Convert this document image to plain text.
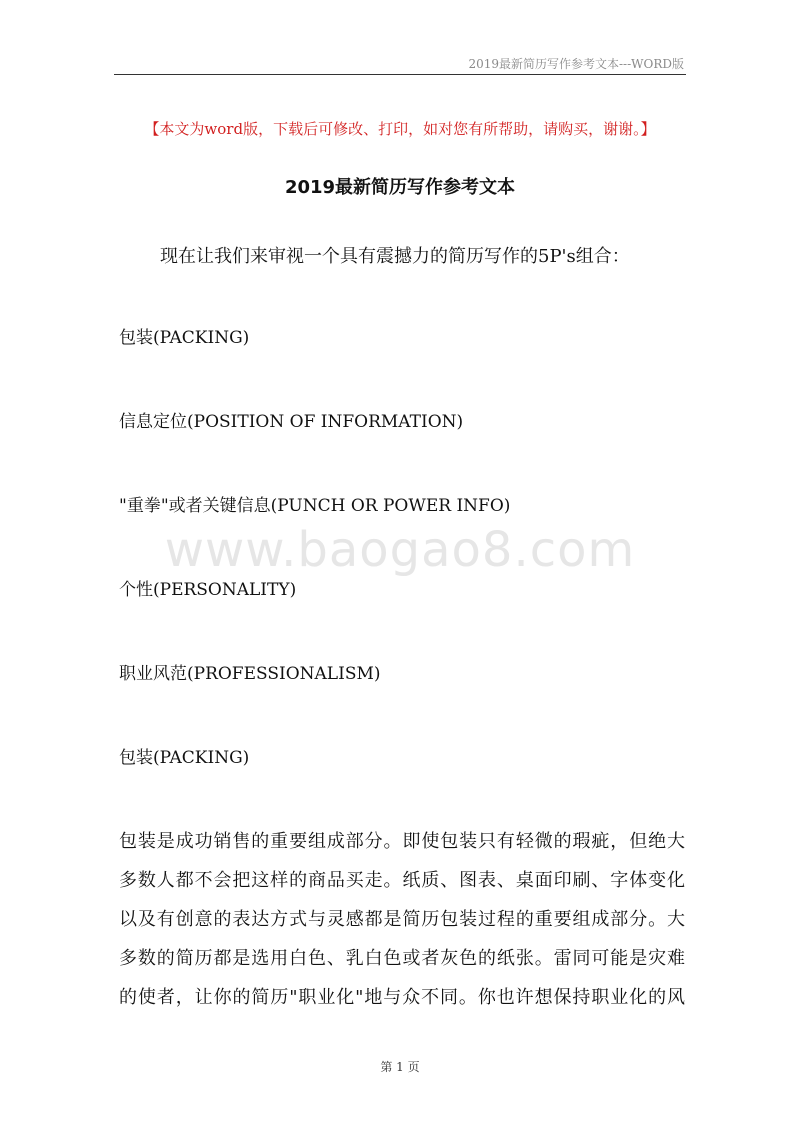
2019最新简历写作参考文本---WORD版
【本文为word版，下载后可修改、打印，如对您有所帮助，请购买，谢谢。】
2019最新简历写作参考文本
现在让我们来审视一个具有震撼力的简历写作的5P's组合：
包装(PACKING)
信息定位(POSITION OF INFORMATION)
"重拳"或者关键信息(PUNCH OR POWER INFO)
个性(PERSONALITY)
职业风范(PROFESSIONALISM)
包装(PACKING)
www.baogao8.com
包装是成功销售的重要组成部分。即使包装只有轻微的瑕疵，但绝大
多数人都不会把这样的商品买走。纸质、图表、桌面印刷、字体变化
以及有创意的表达方式与灵感都是简历包装过程的重要组成部分。大
多数的简历都是选用白色、乳白色或者灰色的纸张。雷同可能是灾难
的使者，让你的简历"职业化"地与众不同。你也许想保持职业化的风
第 1 页
